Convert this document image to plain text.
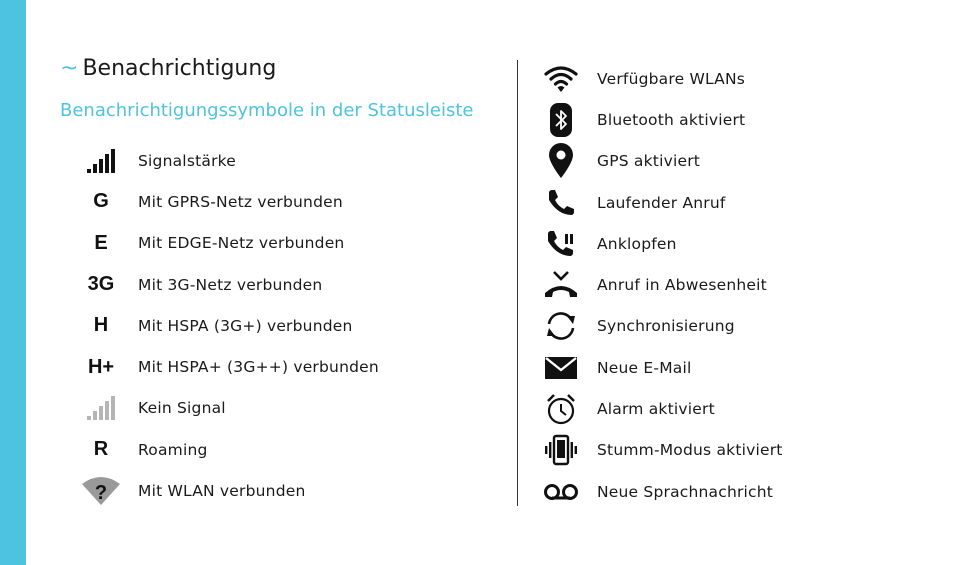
~ Benachrichtigung
Benachrichtigungssymbole in der Statusleiste
Signalstärke
G	Mit GPRS-Netz verbunden
E	Mit EDGE-Netz verbunden
3G	Mit 3G-Netz verbunden
H	Mit HSPA (3G+) verbunden
H+	Mit HSPA+ (3G++) verbunden
Kein Signal
R	Roaming
? Mit WLAN verbunden
Verfügbare WLANs
Bluetooth aktiviert
GPS aktiviert
Laufender Anruf
Anklopfen
Anruf in Abwesenheit
Synchronisierung
Neue E-Mail
Alarm aktiviert
Stumm-Modus aktiviert
Neue Sprachnachricht
